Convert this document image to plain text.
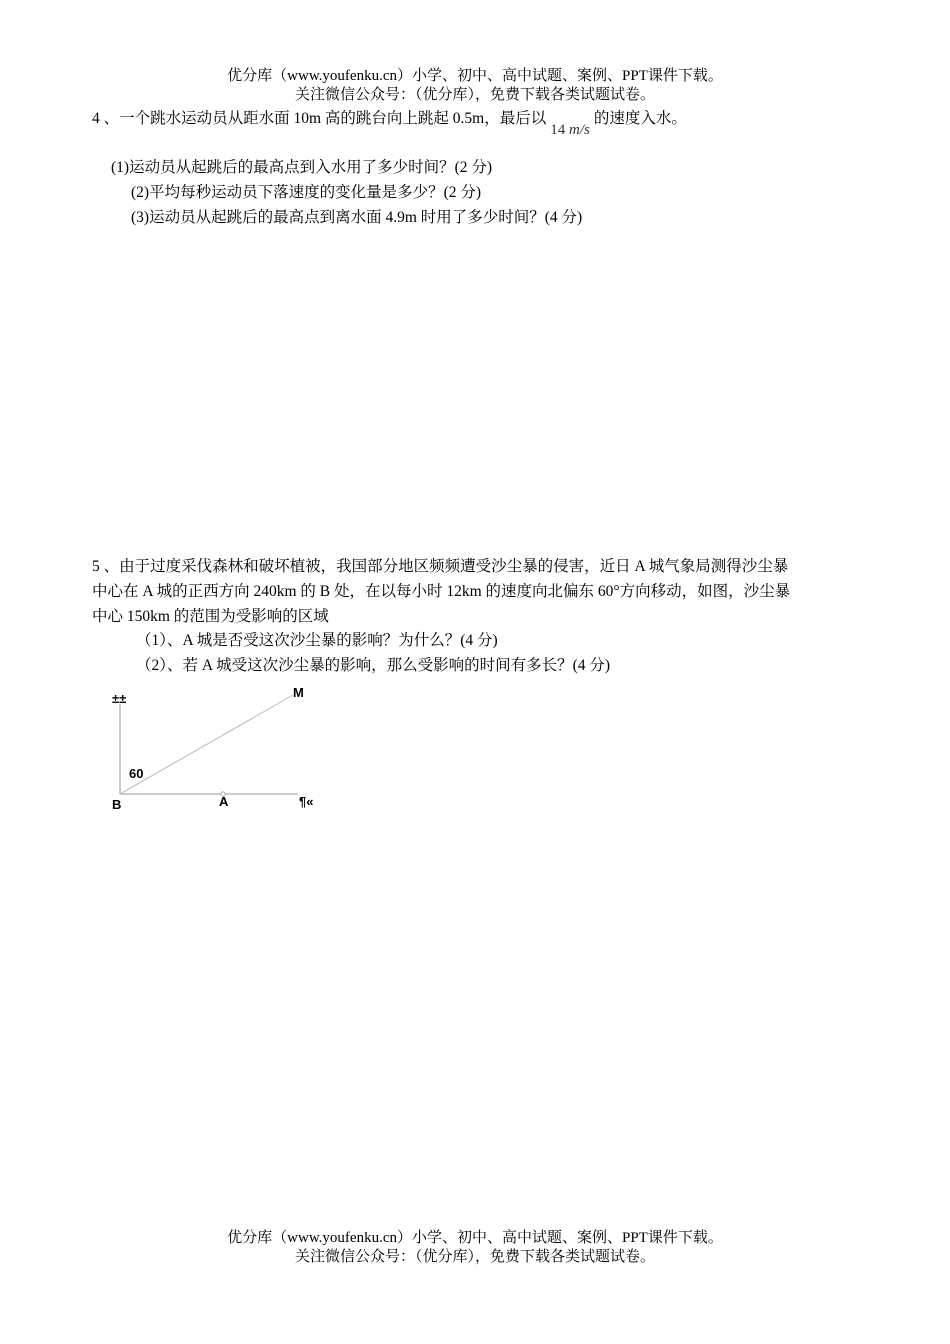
优分库（www.youfenku.cn）小学、初中、高中试题、案例、PPT课件下载。
关注微信公众号：（优分库），免费下载各类试题试卷。
4 、一个跳水运动员从距水面 10m 高的跳台向上跳起 0.5m，最后以14 m/s的速度入水。
(1)运动员从起跳后的最高点到入水用了多少时间？(2 分)
(2)平均每秒运动员下落速度的变化量是多少？(2 分)
(3)运动员从起跳后的最高点到离水面 4.9m 时用了多少时间？(4 分)
5 、由于过度采伐森林和破坏植被，我国部分地区频频遭受沙尘暴的侵害，近日 A 城气象局测得沙尘暴
中心在 A 城的正西方向 240km 的 B 处，在以每小时 12km 的速度向北偏东 60°方向移动，如图，沙尘暴
中心 150km 的范围为受影响的区域
（1）、A 城是否受这次沙尘暴的影响？为什么？(4 分)
（2）、若 A 城受这次沙尘暴的影响，那么受影响的时间有多长？(4 分)
±±	M
60
B	A	¶«
优分库（www.youfenku.cn）小学、初中、高中试题、案例、PPT课件下载。
关注微信公众号：（优分库），免费下载各类试题试卷。
